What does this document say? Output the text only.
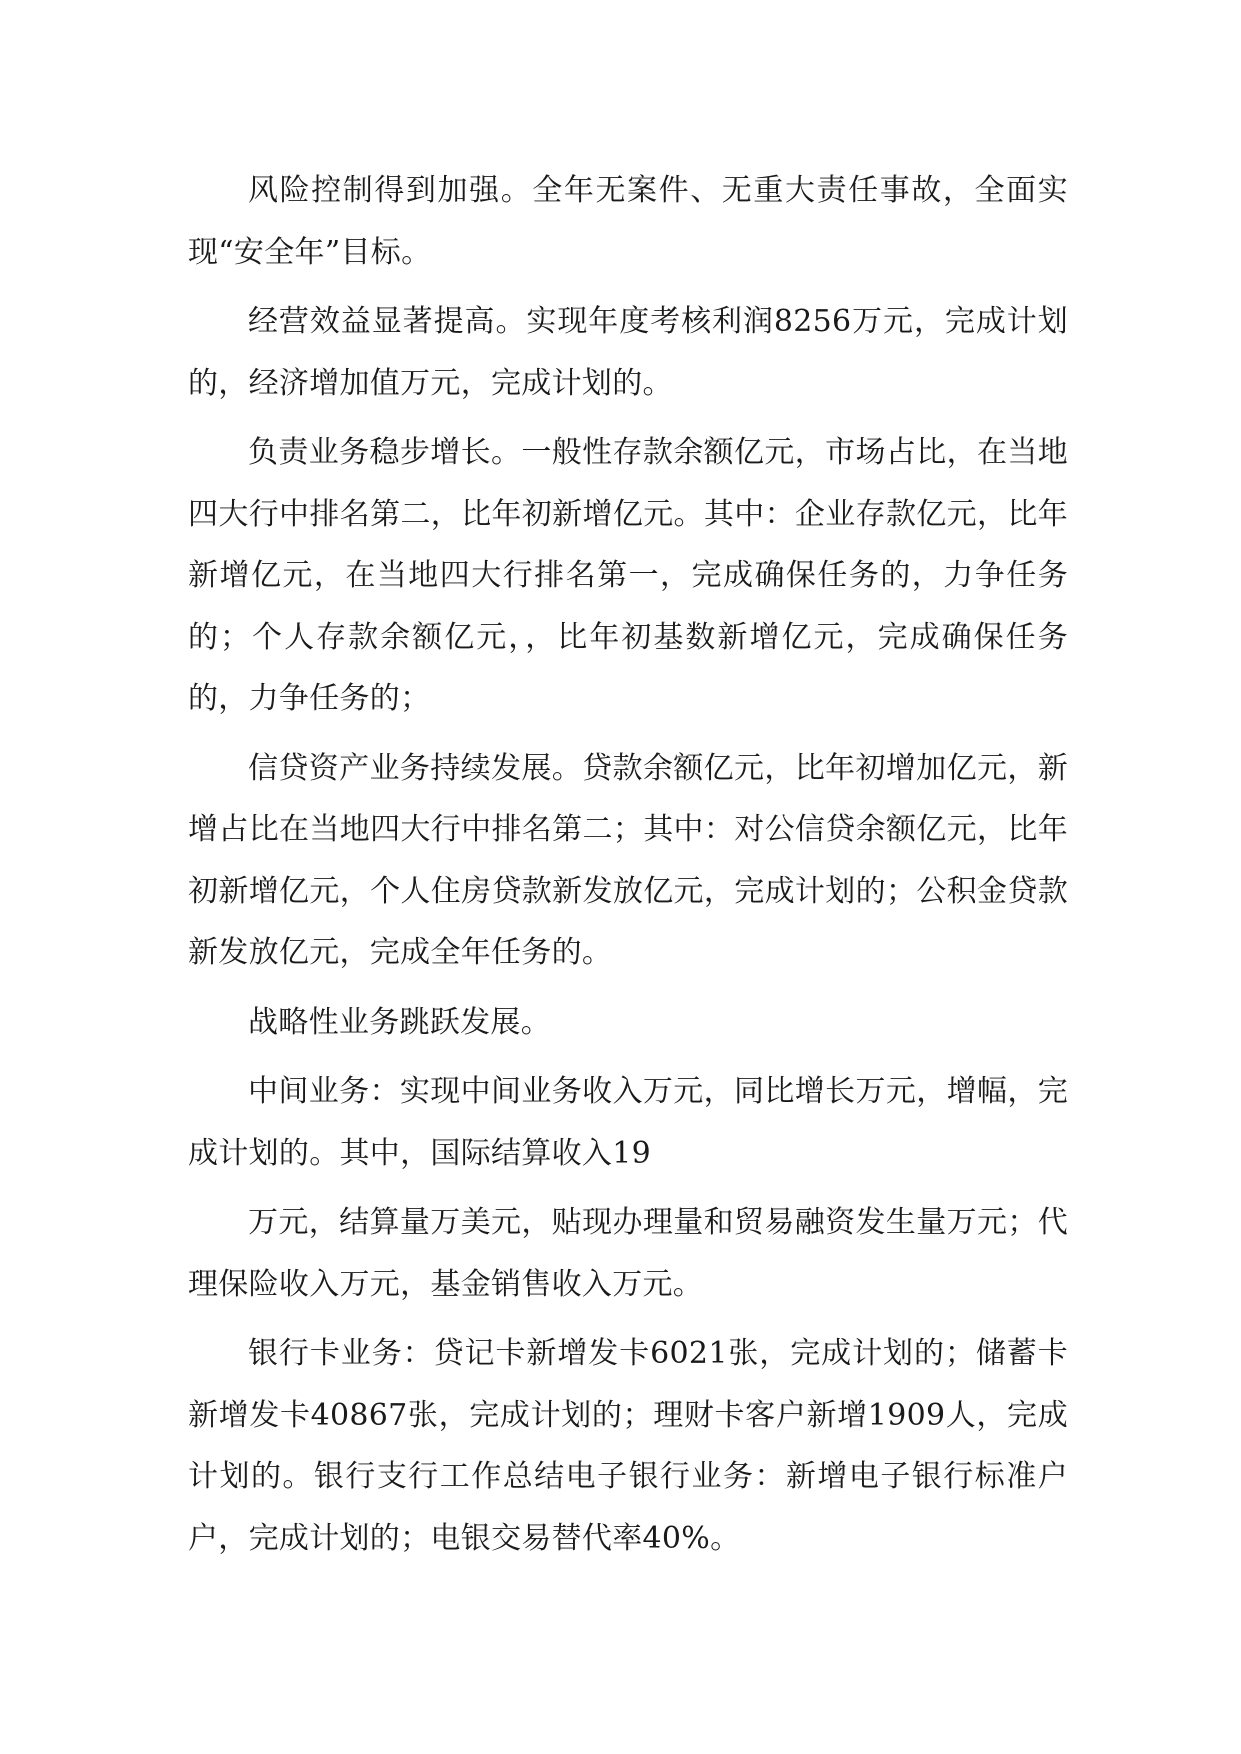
风险控制得到加强。全年无案件、无重大责任事故，全面实现“安全年”目标。

经营效益显著提高。实现年度考核利润8256万元，完成计划的，经济增加值万元，完成计划的。

负责业务稳步增长。一般性存款余额亿元，市场占比，在当地四大行中排名第二，比年初新增亿元。其中：企业存款亿元，比年新增亿元，在当地四大行排名第一，完成确保任务的，力争任务的；个人存款余额亿元，，比年初基数新增亿元，完成确保任务的，力争任务的；

信贷资产业务持续发展。贷款余额亿元，比年初增加亿元，新增占比在当地四大行中排名第二；其中：对公信贷余额亿元，比年初新增亿元，个人住房贷款新发放亿元，完成计划的；公积金贷款新发放亿元，完成全年任务的。

战略性业务跳跃发展。

中间业务：实现中间业务收入万元，同比增长万元，增幅，完成计划的。其中，国际结算收入19

万元，结算量万美元，贴现办理量和贸易融资发生量万元；代理保险收入万元，基金销售收入万元。

银行卡业务：贷记卡新增发卡6021张，完成计划的；储蓄卡新增发卡40867张，完成计划的；理财卡客户新增1909人，完成计划的。银行支行工作总结电子银行业务：新增电子银行标准户户，完成计划的；电银交易替代率40%。
